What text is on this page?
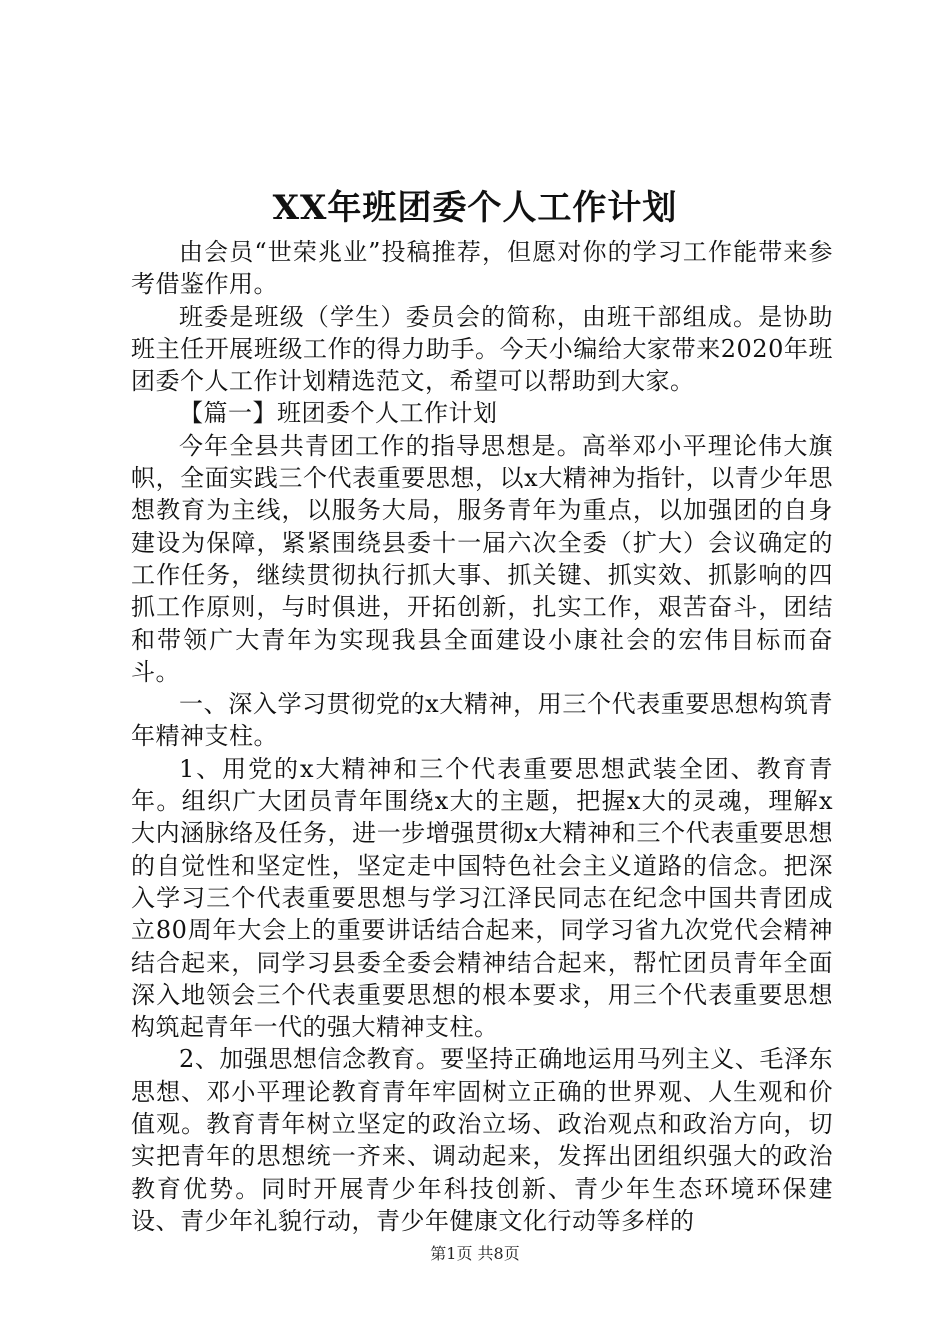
XX年班团委个人工作计划

由会员“世荣兆业”投稿推荐，但愿对你的学习工作能带来参考借鉴作用。

班委是班级（学生）委员会的简称，由班干部组成。是协助班主任开展班级工作的得力助手。今天小编给大家带来2020年班团委个人工作计划精选范文，希望可以帮助到大家。

【篇一】班团委个人工作计划

今年全县共青团工作的指导思想是。高举邓小平理论伟大旗帜，全面实践三个代表重要思想，以x大精神为指针，以青少年思想教育为主线，以服务大局，服务青年为重点，以加强团的自身建设为保障，紧紧围绕县委十一届六次全委（扩大）会议确定的工作任务，继续贯彻执行抓大事、抓关键、抓实效、抓影响的四抓工作原则，与时俱进，开拓创新，扎实工作，艰苦奋斗，团结和带领广大青年为实现我县全面建设小康社会的宏伟目标而奋斗。

一、深入学习贯彻党的x大精神，用三个代表重要思想构筑青年精神支柱。

1、用党的x大精神和三个代表重要思想武装全团、教育青年。组织广大团员青年围绕x大的主题，把握x大的灵魂，理解x大内涵脉络及任务，进一步增强贯彻x大精神和三个代表重要思想的自觉性和坚定性，坚定走中国特色社会主义道路的信念。把深入学习三个代表重要思想与学习江泽民同志在纪念中国共青团成立80周年大会上的重要讲话结合起来，同学习省九次党代会精神结合起来，同学习县委全委会精神结合起来，帮忙团员青年全面深入地领会三个代表重要思想的根本要求，用三个代表重要思想构筑起青年一代的强大精神支柱。

2、加强思想信念教育。要坚持正确地运用马列主义、毛泽东思想、邓小平理论教育青年牢固树立正确的世界观、人生观和价值观。教育青年树立坚定的政治立场、政治观点和政治方向，切实把青年的思想统一齐来、调动起来，发挥出团组织强大的政治教育优势。同时开展青少年科技创新、青少年生态环境环保建设、青少年礼貌行动，青少年健康文化行动等多样的

第1页 共8页
